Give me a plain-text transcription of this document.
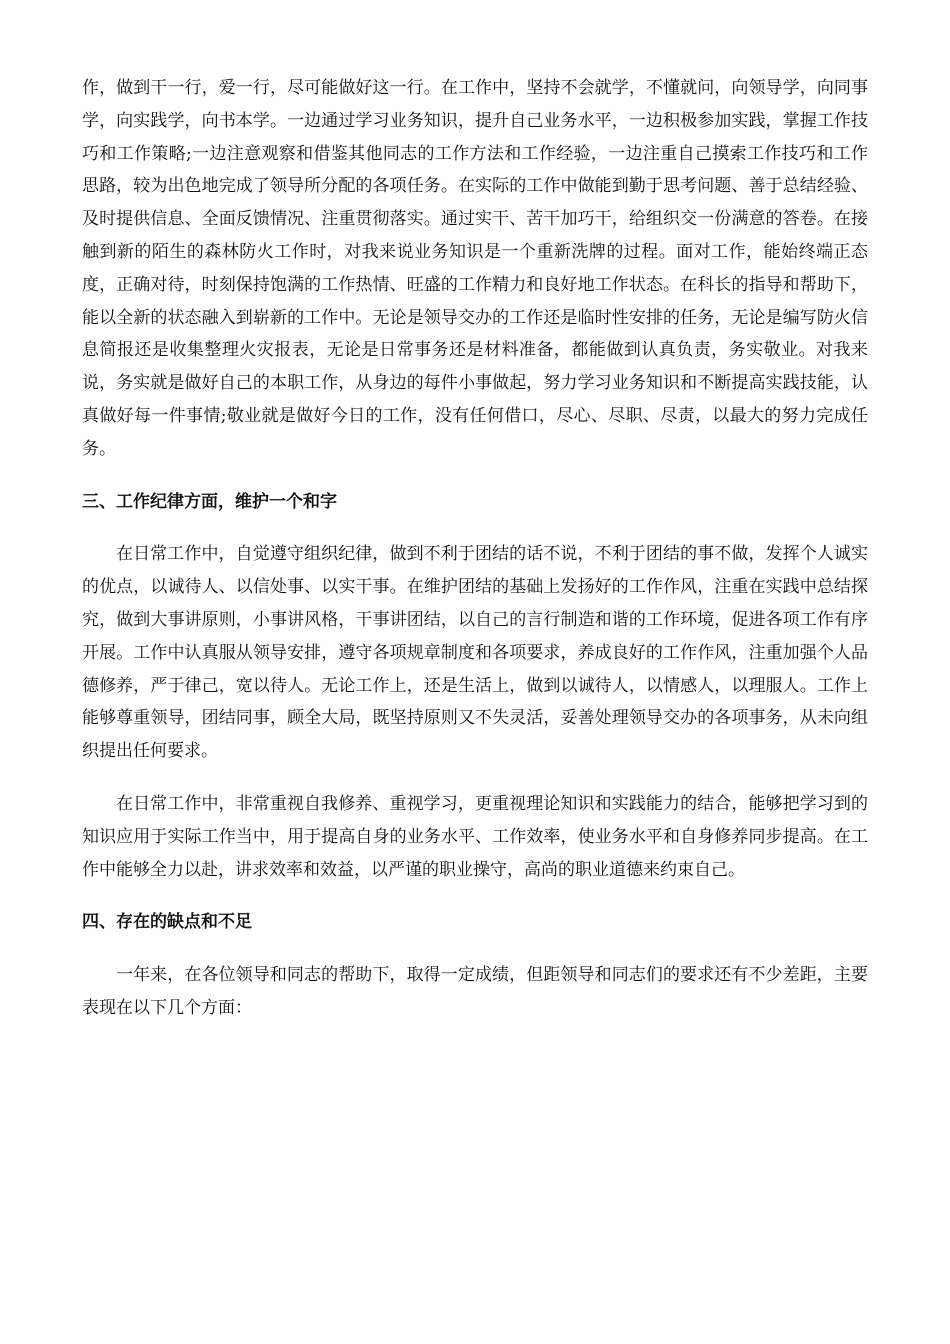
作，做到干一行，爱一行，尽可能做好这一行。在工作中，坚持不会就学，不懂就问，向领导学，向同事学，向实践学，向书本学。一边通过学习业务知识，提升自己业务水平，一边积极参加实践，掌握工作技巧和工作策略;一边注意观察和借鉴其他同志的工作方法和工作经验，一边注重自己摸索工作技巧和工作思路，较为出色地完成了领导所分配的各项任务。在实际的工作中做能到勤于思考问题、善于总结经验、及时提供信息、全面反馈情况、注重贯彻落实。通过实干、苦干加巧干，给组织交一份满意的答卷。在接触到新的陌生的森林防火工作时，对我来说业务知识是一个重新洗牌的过程。面对工作，能始终端正态度，正确对待，时刻保持饱满的工作热情、旺盛的工作精力和良好地工作状态。在科长的指导和帮助下，能以全新的状态融入到崭新的工作中。无论是领导交办的工作还是临时性安排的任务，无论是编写防火信息简报还是收集整理火灾报表，无论是日常事务还是材料准备，都能做到认真负责，务实敬业。对我来说，务实就是做好自己的本职工作，从身边的每件小事做起，努力学习业务知识和不断提高实践技能，认真做好每一件事情;敬业就是做好今日的工作，没有任何借口，尽心、尽职、尽责，以最大的努力完成任务。

三、工作纪律方面，维护一个和字

在日常工作中，自觉遵守组织纪律，做到不利于团结的话不说，不利于团结的事不做，发挥个人诚实的优点，以诚待人、以信处事、以实干事。在维护团结的基础上发扬好的工作作风，注重在实践中总结探究，做到大事讲原则，小事讲风格，干事讲团结，以自己的言行制造和谐的工作环境，促进各项工作有序开展。工作中认真服从领导安排，遵守各项规章制度和各项要求，养成良好的工作作风，注重加强个人品德修养，严于律己，宽以待人。无论工作上，还是生活上，做到以诚待人，以情感人，以理服人。工作上能够尊重领导，团结同事，顾全大局，既坚持原则又不失灵活，妥善处理领导交办的各项事务，从未向组织提出任何要求。

在日常工作中，非常重视自我修养、重视学习，更重视理论知识和实践能力的结合，能够把学习到的知识应用于实际工作当中，用于提高自身的业务水平、工作效率，使业务水平和自身修养同步提高。在工作中能够全力以赴，讲求效率和效益，以严谨的职业操守，高尚的职业道德来约束自己。

四、存在的缺点和不足

一年来，在各位领导和同志的帮助下，取得一定成绩，但距领导和同志们的要求还有不少差距，主要表现在以下几个方面：
